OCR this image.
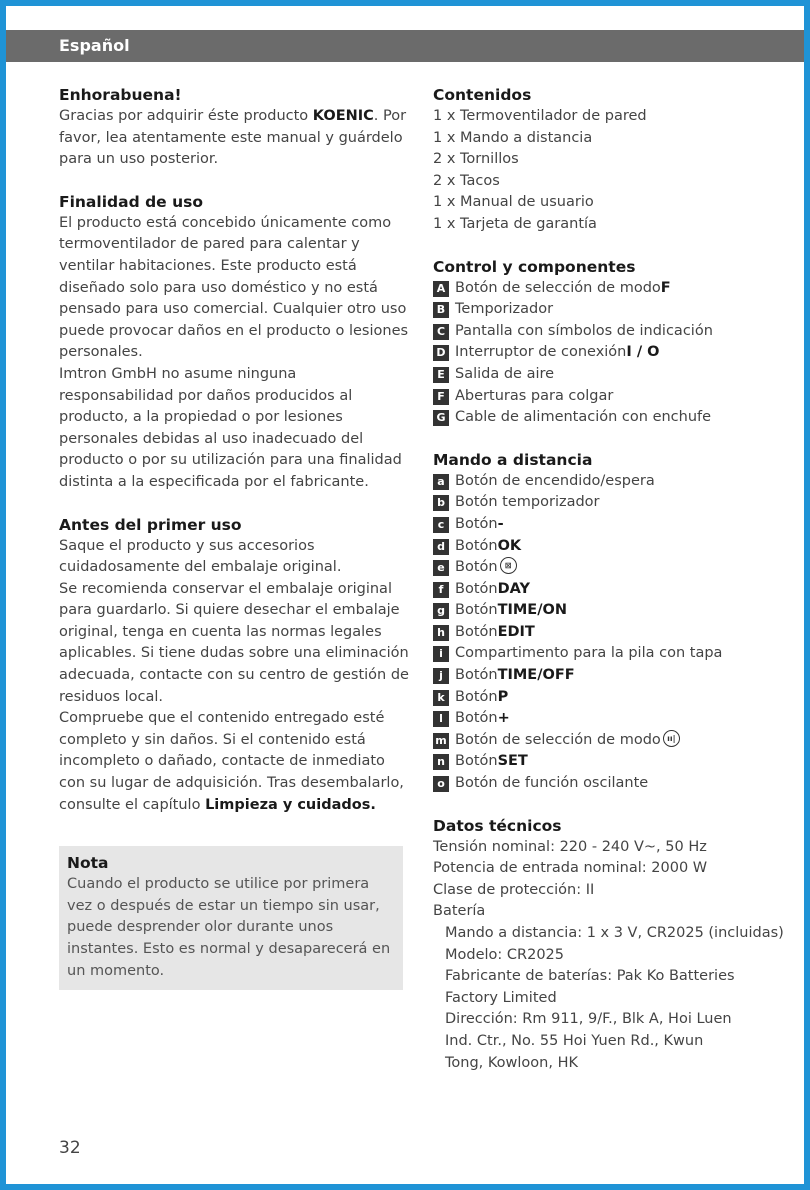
Español

Enhorabuena!

Gracias por adquirir éste producto KOENIC. Por favor, lea atentamente este manual y guárdelo para un uso posterior.

Finalidad de uso

El producto está concebido únicamente como termoventilador de pared para calentar y ventilar habitaciones. Este producto está diseñado solo para uso doméstico y no está pensado para uso comercial. Cualquier otro uso puede provocar daños en el producto o lesiones personales.

Imtron GmbH no asume ninguna responsabilidad por daños producidos al producto, a la propiedad o por lesiones personales debidas al uso inadecuado del producto o por su utilización para una finalidad distinta a la especificada por el fabricante.

Antes del primer uso

Saque el producto y sus accesorios cuidadosamente del embalaje original.

Se recomienda conservar el embalaje original para guardarlo. Si quiere desechar el embalaje original, tenga en cuenta las normas legales aplicables. Si tiene dudas sobre una eliminación adecuada, contacte con su centro de gestión de residuos local.

Compruebe que el contenido entregado esté completo y sin daños. Si el contenido está incompleto o dañado, contacte de inmediato con su lugar de adquisición. Tras desembalarlo, consulte el capítulo Limpieza y cuidados.

Nota

Cuando el producto se utilice por primera vez o después de estar un tiempo sin usar, puede desprender olor durante unos instantes. Esto es normal y desaparecerá en un momento.

Contenidos

1 x Termoventilador de pared
1 x Mando a distancia
2 x Tornillos
2 x Tacos
1 x Manual de usuario
1 x Tarjeta de garantía

Control y componentes

A Botón de selección de modo F
B Temporizador
C Pantalla con símbolos de indicación
D Interruptor de conexión I / O
E Salida de aire
F Aberturas para colgar
G Cable de alimentación con enchufe

Mando a distancia

a Botón de encendido/espera
b Botón temporizador
c Botón -
d Botón OK
e Botón ⊠
f Botón DAY
g Botón TIME/ON
h Botón EDIT
i Compartimento para la pila con tapa
j Botón TIME/OFF
k Botón P
l Botón +
m Botón de selección de modo ıı|
n Botón SET
o Botón de función oscilante

Datos técnicos

Tensión nominal: 220 - 240 V~, 50 Hz
Potencia de entrada nominal: 2000 W
Clase de protección: II
Batería
Mando a distancia: 1 x 3 V, CR2025 (incluidas)
Modelo: CR2025
Fabricante de baterías: Pak Ko Batteries Factory Limited
Dirección: Rm 911, 9/F., Blk A, Hoi Luen Ind. Ctr., No. 55 Hoi Yuen Rd., Kwun Tong, Kowloon, HK
32
